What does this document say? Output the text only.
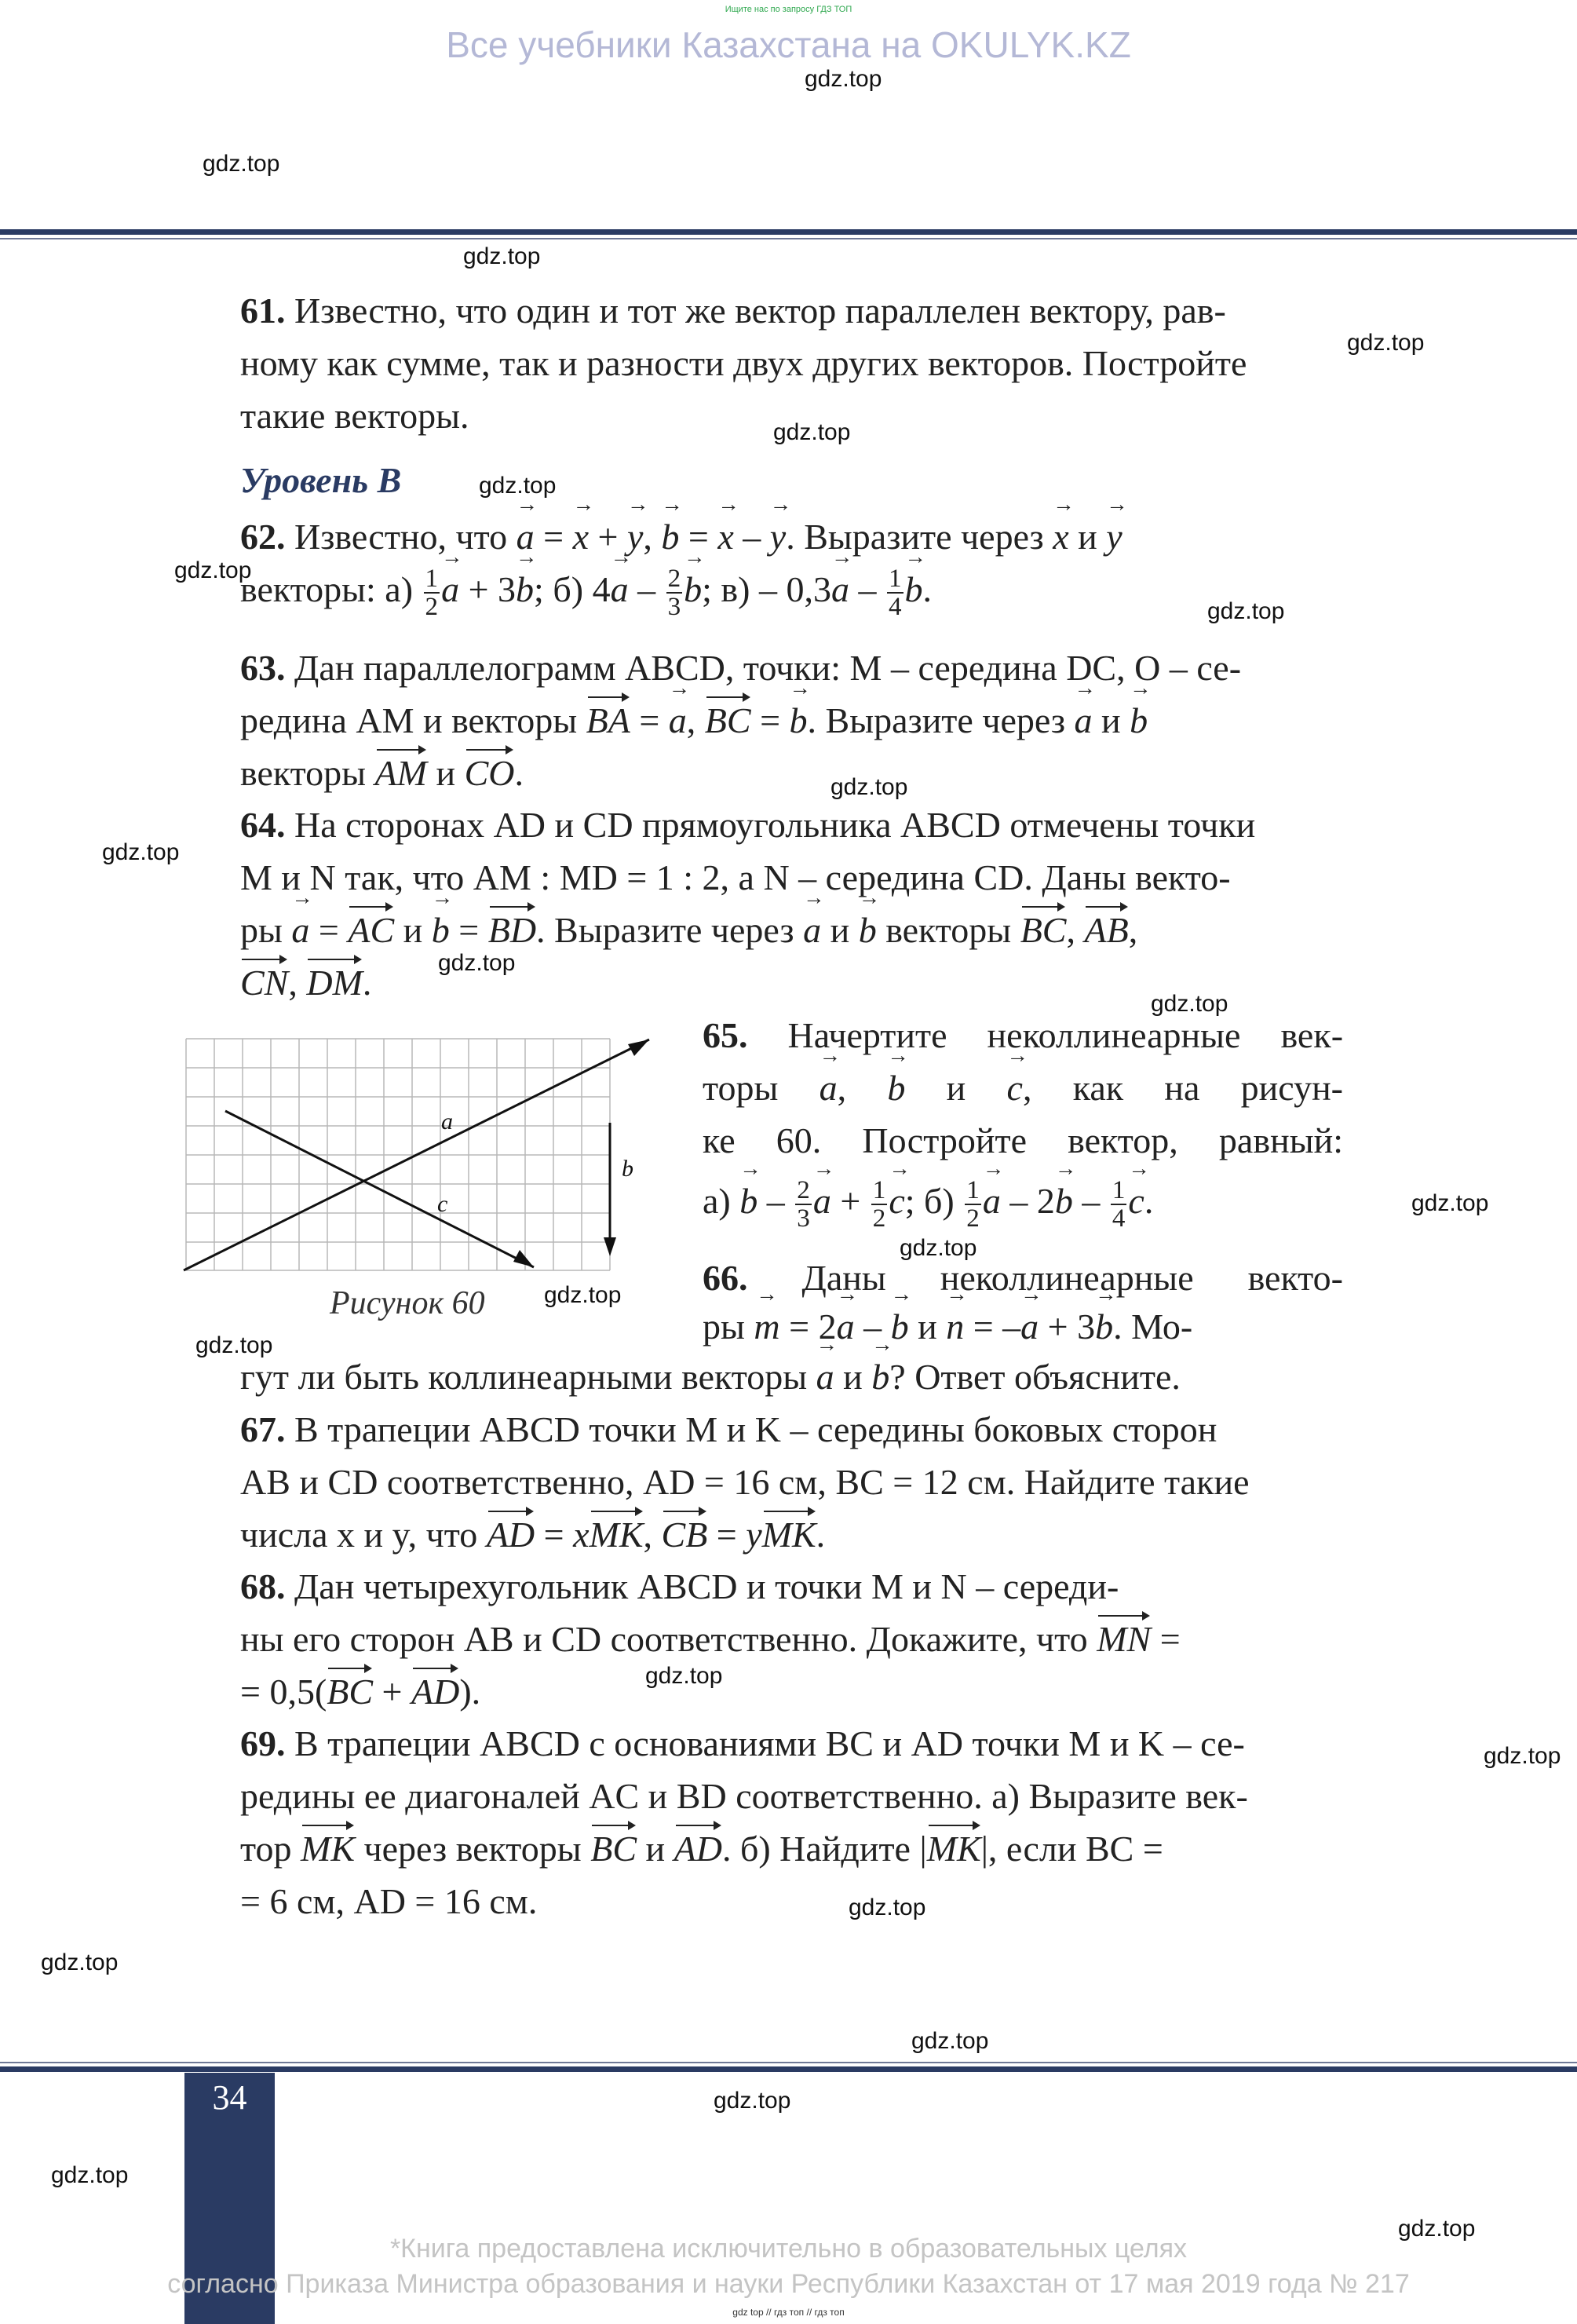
Ищите нас по запросу ГДЗ ТОП
Все учебники Казахстана на OKULYK.KZ
gdz.top
gdz.top
gdz.top
gdz.top
gdz.top
gdz.top
gdz.top
gdz.top
gdz.top
gdz.top
gdz.top
gdz.top
gdz.top
gdz.top
gdz.top
gdz.top
gdz.top
gdz.top
gdz.top
gdz.top
gdz.top
gdz.top
gdz.top
gdz.top
61. Известно, что один и тот же вектор параллелен вектору, рав-
ному как сумме, так и разности двух других векторов. Постройте
такие векторы.
Уровень B
62. Известно, что → a = → x + → y, → b = → x – → y. Выразите через → x и → y
векторы: $а) \frac{1}{2}$
→ a + 3→ b; б) $4\to a - \frac{2}{3}$
→ b; $в) - 0,3\to a - \frac{1}{4}$
→ b.
63. Дан параллелограмм ABCD, точки: M – середина DC, O – се-
редина AM и векторы BA = → a, BC = → b. Выразите через → a и → b
векторы AM и CO.
64. На сторонах AD и CD прямоугольника ABCD отмечены точки
M и N так, что AM : MD = 1 : 2, а N – середина CD. Даны векто-
ры → a = AC и → b = BD. Выразите через → a и → b векторы BC, AB,
CN, DM.
a
b
c
Рисунок 60
65. Начертите неколлинеарные век-
торы → a, → b и → c, как на рисун-
ке 60. Постройте вектор, равный:
$а) \to b - \frac{2}{3}$
→ $a + \frac{1}{2}$
→ c; $б) \frac{1}{2}$
→ $a - 2\to b - \frac{1}{4}$
→ c.
66. Даны неколлинеарные векто-
ры → m = 2→ a – → b и → n = –→ a + 3→ b. Мо-
гут ли быть коллинеарными векторы → a и → b? Ответ объясните.
67. В трапеции ABCD точки M и K – середины боковых сторон
AB и CD соответственно, AD = 16 см, BC = 12 см. Найдите такие
числа x и y, что AD = xMK, CB = yMK.
68. Дан четырехугольник ABCD и точки M и N – середи-
ны его сторон AB и CD соответственно. Докажите, что MN =
= 0,5(BC + AD).
69. В трапеции ABCD с основаниями BC и AD точки M и K – се-
редины ее диагоналей AC и BD соответственно. а) Выразите век-
тор MK через векторы BC и AD. б) Найдите |MK|, если BC =
= 6 см, AD = 16 см.
34
*Книга предоставлена исключительно в образовательных целях
согласно Приказа Министра образования и науки Республики Казахстан от 17 мая 2019 года № 217
gdz top // гдз топ // гдз топ
